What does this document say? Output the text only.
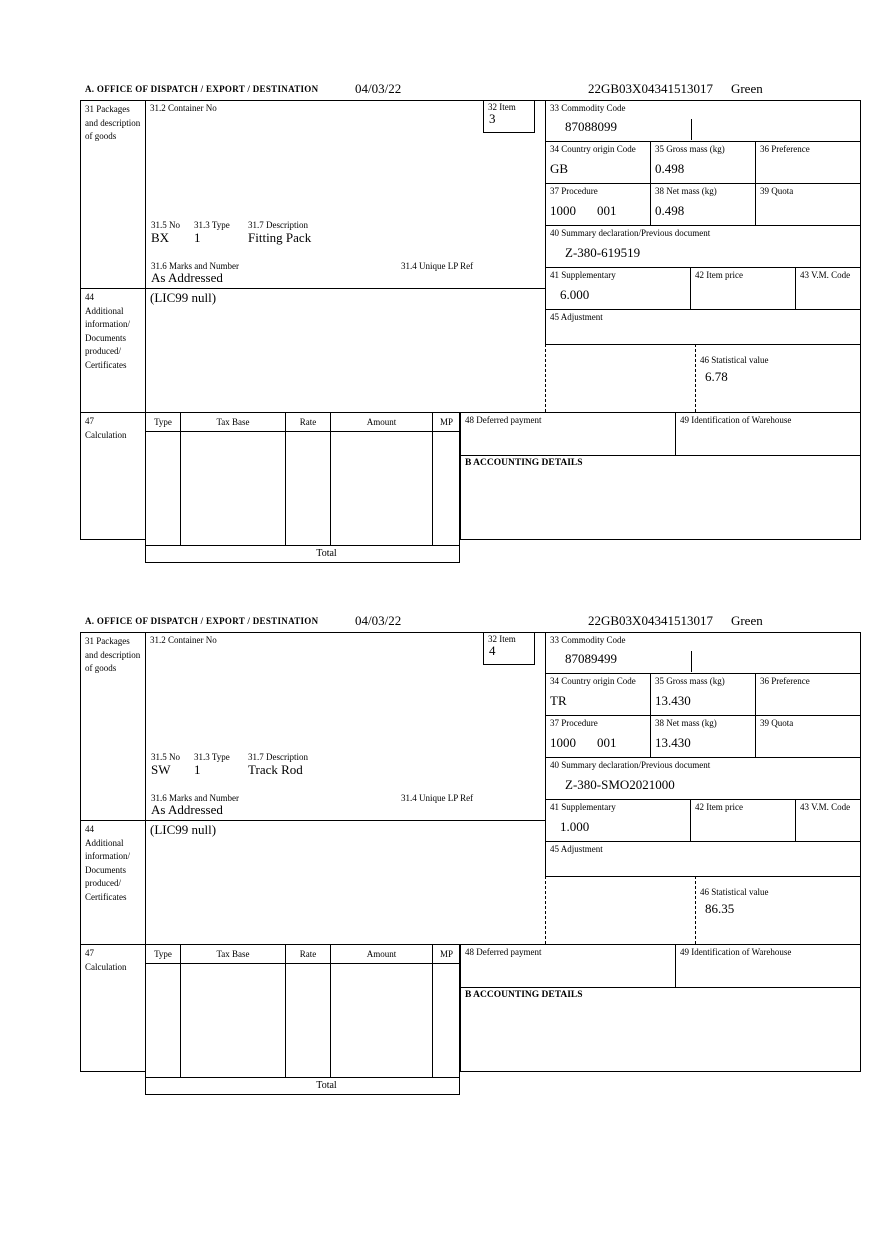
A. OFFICE OF DISPATCH / EXPORT / DESTINATION	04/03/22	22GB03X04341513017 Green
31 Packages and description of goods
44
Additional information/ Documents produced/ Certificates
47
Calculation
31.2 Container No
31.5 No 31.3 Type 31.7 Description
BX 1	Fitting Pack
31.6 Marks and Number	31.4 Unique LP Ref
As Addressed
(LIC99 null)
32 Item
3
33 Commodity Code
87088099
34 Country origin Code
GB
35 Gross mass (kg)
0.498
36 Preference
37 Procedure
1000 001
38 Net mass (kg)
0.498
39 Quota
40 Summary declaration/Previous document
Z-380-619519
41 Supplementary
6.000
42 Item price	43 V.M. Code
45 Adjustment
46 Statistical value
6.78
Type	Tax Base	Rate	Amount	MP
Total
48 Deferred payment	49 Identification of Warehouse
B ACCOUNTING DETAILS
A. OFFICE OF DISPATCH / EXPORT / DESTINATION	04/03/22	22GB03X04341513017 Green
31 Packages and description of goods
44
Additional information/ Documents produced/ Certificates
47
Calculation
31.2 Container No
31.5 No 31.3 Type 31.7 Description
SW 1	Track Rod
31.6 Marks and Number	31.4 Unique LP Ref
As Addressed
(LIC99 null)
32 Item
4
33 Commodity Code
87089499
34 Country origin Code
TR
35 Gross mass (kg)
13.430
36 Preference
37 Procedure
1000 001
38 Net mass (kg)
13.430
39 Quota
40 Summary declaration/Previous document
Z-380-SMO2021000
41 Supplementary
1.000
42 Item price	43 V.M. Code
45 Adjustment
46 Statistical value
86.35
Type	Tax Base	Rate	Amount	MP
Total
48 Deferred payment	49 Identification of Warehouse
B ACCOUNTING DETAILS
